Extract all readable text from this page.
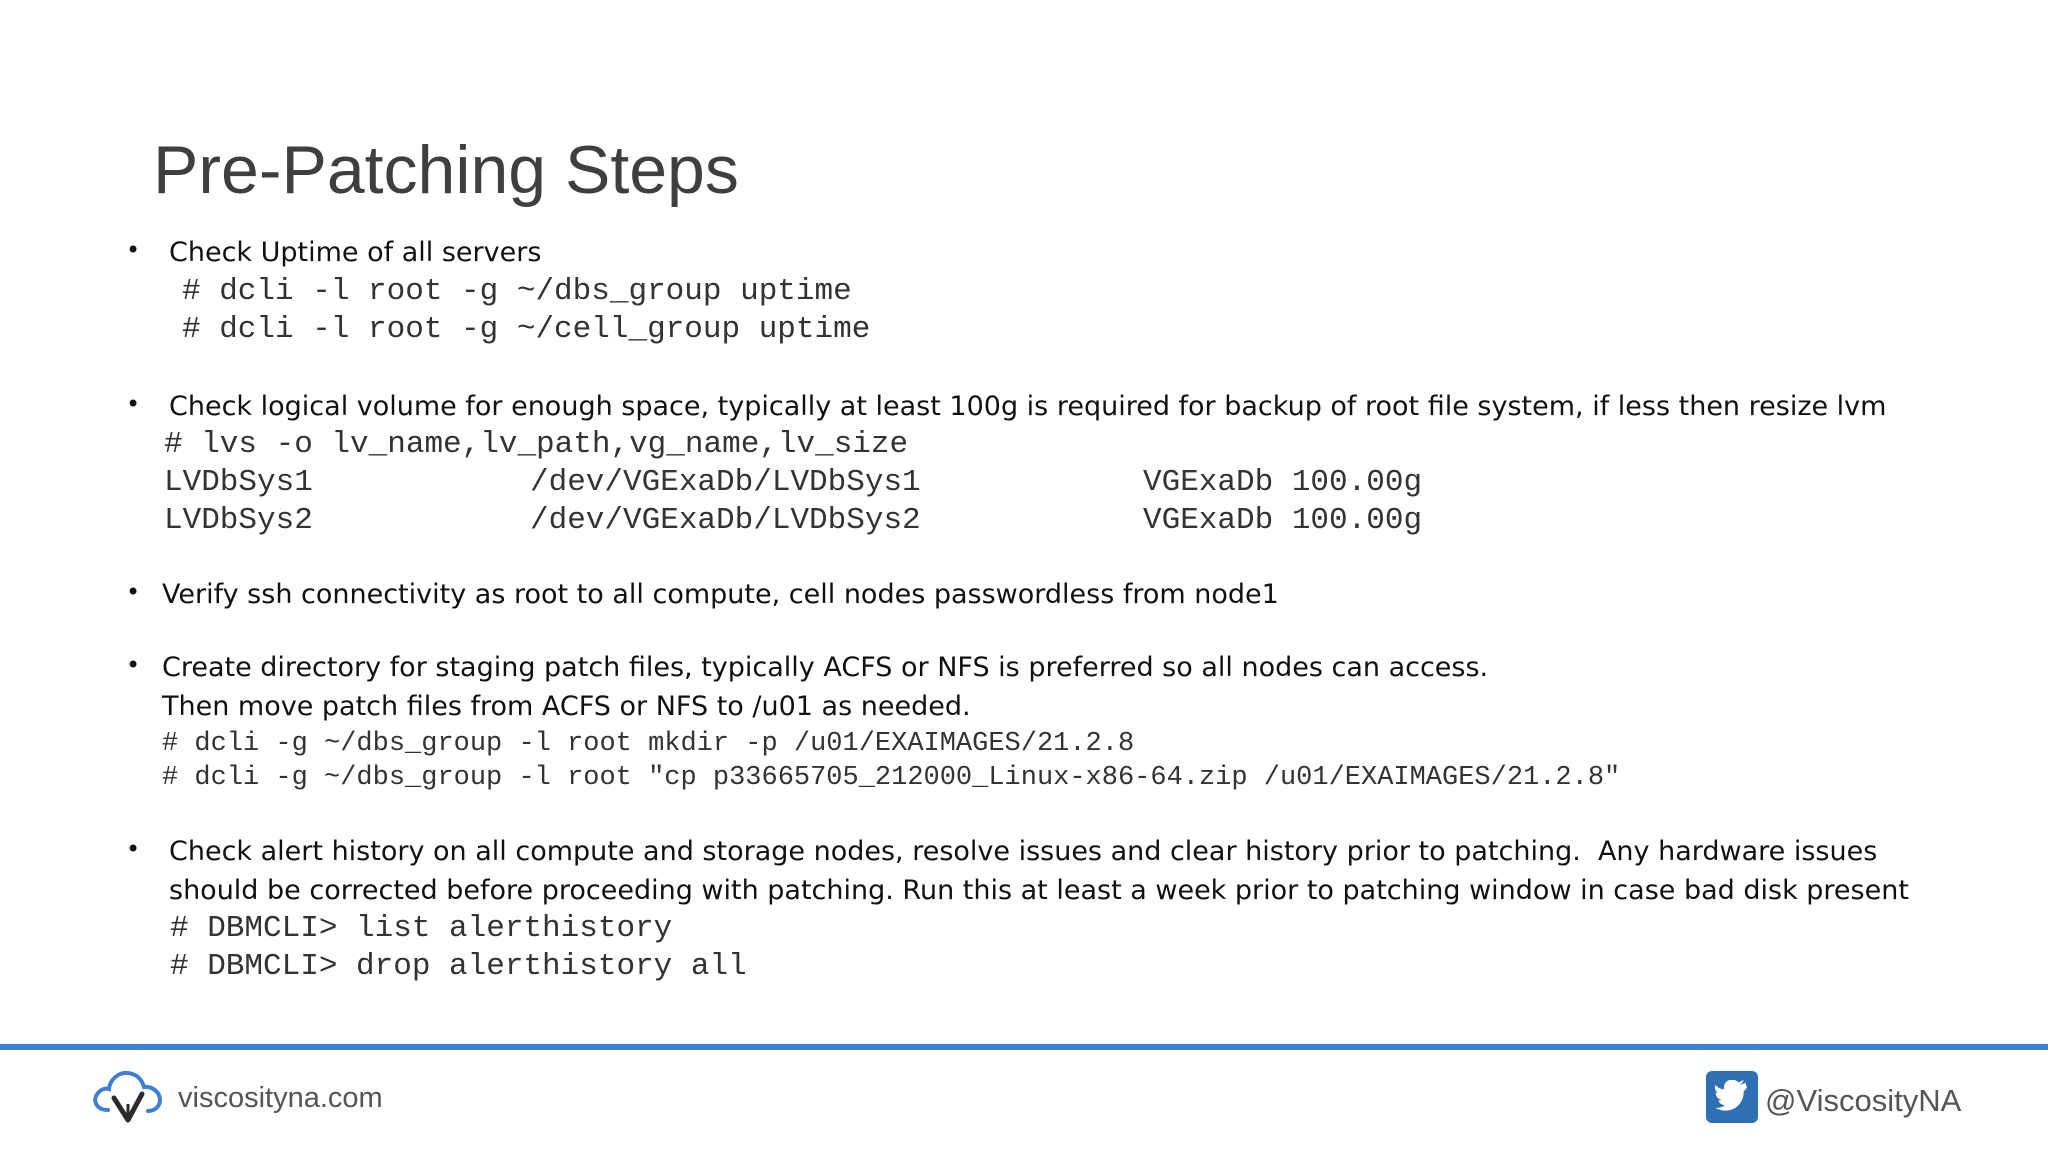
Pre-Patching Steps
• Check Uptime of all servers
# dcli -l root -g ~/dbs_group uptime
# dcli -l root -g ~/cell_group uptime
• Check logical volume for enough space, typically at least 100g is required for backup of root file system, if less then resize lvm
# lvs -o lv_name,lv_path,vg_name,lv_size
LVDbSys1	/dev/VGExaDb/LVDbSys1	VGExaDb 100.00g
LVDbSys2	/dev/VGExaDb/LVDbSys2	VGExaDb 100.00g
• Verify ssh connectivity as root to all compute, cell nodes passwordless from node1
• Create directory for staging patch files, typically ACFS or NFS is preferred so all nodes can access.
Then move patch files from ACFS or NFS to /u01 as needed.
# dcli -g ~/dbs_group -l root mkdir -p /u01/EXAIMAGES/21.2.8
# dcli -g ~/dbs_group -l root "cp p33665705_212000_Linux-x86-64.zip /u01/EXAIMAGES/21.2.8"
• Check alert history on all compute and storage nodes, resolve issues and clear history prior to patching.  Any hardware issues
should be corrected before proceeding with patching. Run this at least a week prior to patching window in case bad disk present
# DBMCLI> list alerthistory
# DBMCLI> drop alerthistory all
viscosityna.com	@ViscosityNA
